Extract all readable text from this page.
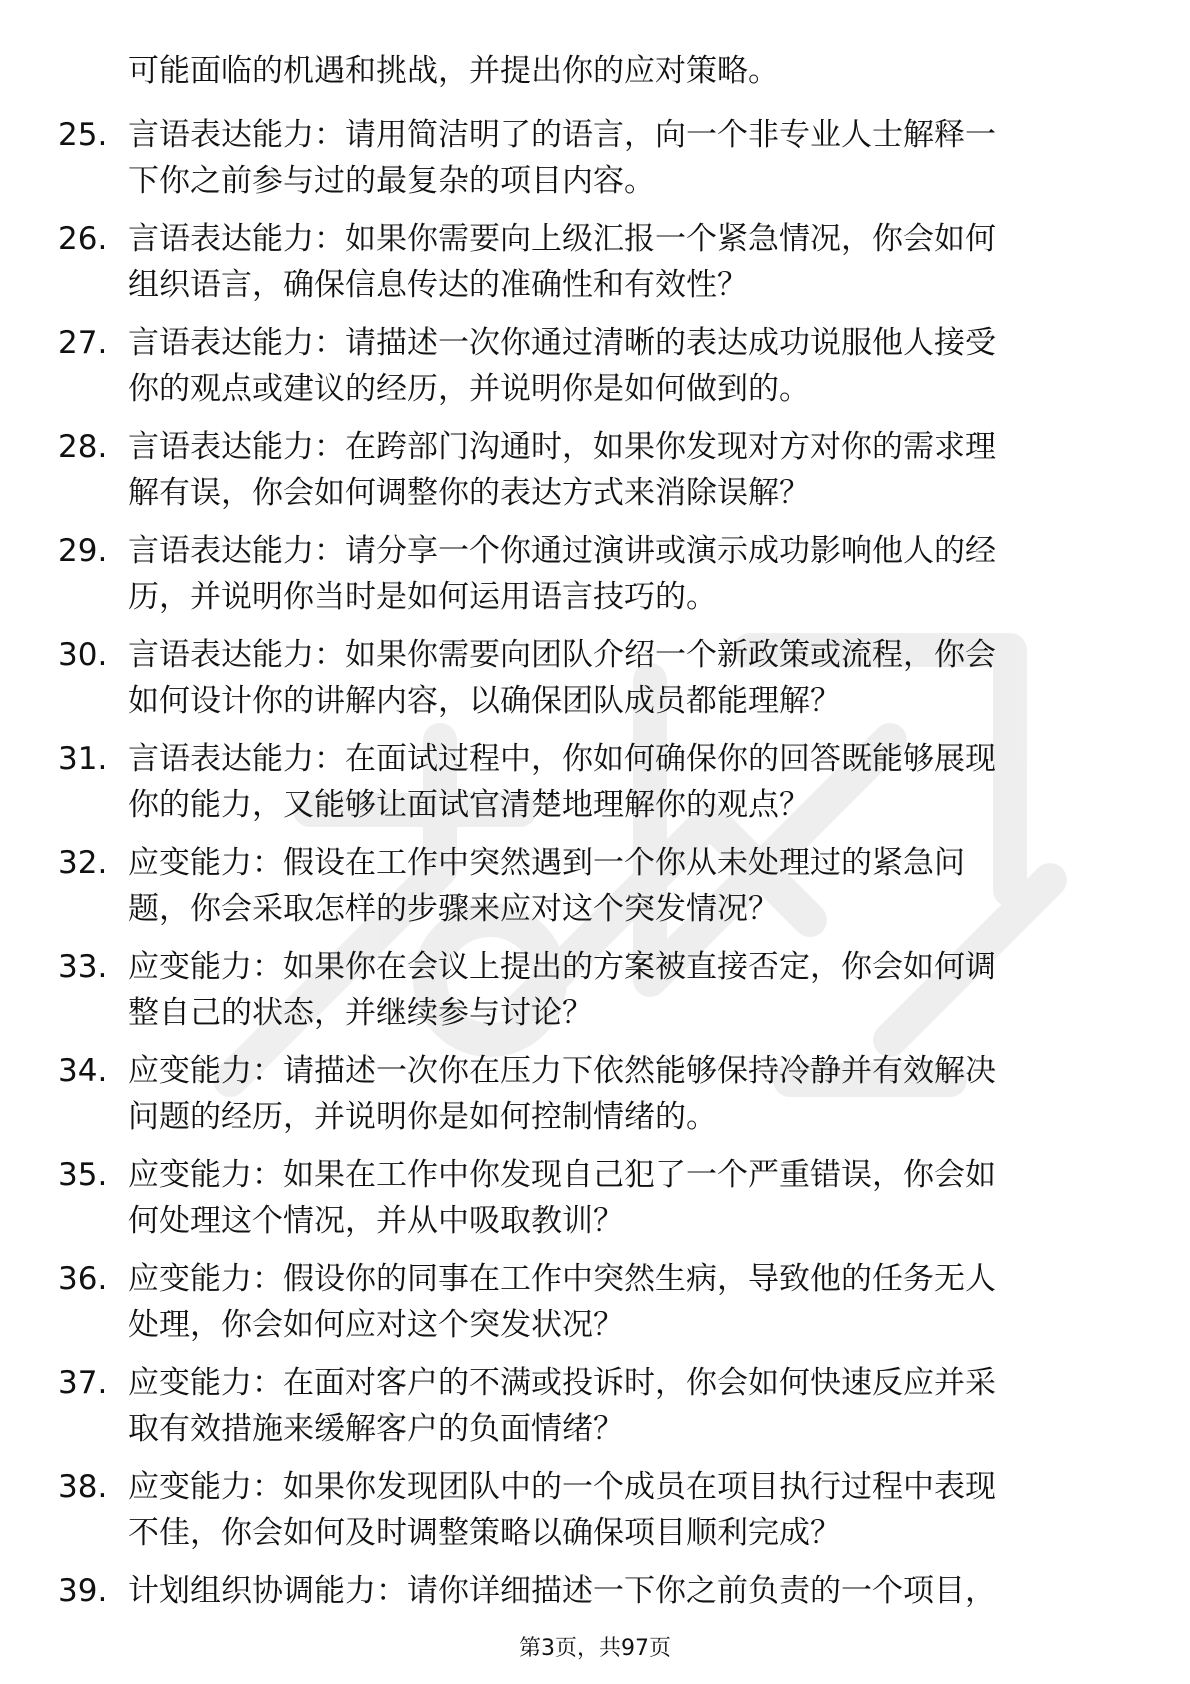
可能面临的机遇和挑战，并提出你的应对策略。
25. 言语表达能力：请用简洁明了的语言，向一个非专业人士解释一
下你之前参与过的最复杂的项目内容。
26. 言语表达能力：如果你需要向上级汇报一个紧急情况，你会如何
组织语言，确保信息传达的准确性和有效性？
27. 言语表达能力：请描述一次你通过清晰的表达成功说服他人接受
你的观点或建议的经历，并说明你是如何做到的。
28. 言语表达能力：在跨部门沟通时，如果你发现对方对你的需求理
解有误，你会如何调整你的表达方式来消除误解？
29. 言语表达能力：请分享一个你通过演讲或演示成功影响他人的经
历，并说明你当时是如何运用语言技巧的。
30. 言语表达能力：如果你需要向团队介绍一个新政策或流程，你会
如何设计你的讲解内容，以确保团队成员都能理解？
31. 言语表达能力：在面试过程中，你如何确保你的回答既能够展现
你的能力，又能够让面试官清楚地理解你的观点？
32. 应变能力：假设在工作中突然遇到一个你从未处理过的紧急问
题，你会采取怎样的步骤来应对这个突发情况？
33. 应变能力：如果你在会议上提出的方案被直接否定，你会如何调
整自己的状态，并继续参与讨论？
34. 应变能力：请描述一次你在压力下依然能够保持冷静并有效解决
问题的经历，并说明你是如何控制情绪的。
35. 应变能力：如果在工作中你发现自己犯了一个严重错误，你会如
何处理这个情况，并从中吸取教训？
36. 应变能力：假设你的同事在工作中突然生病，导致他的任务无人
处理，你会如何应对这个突发状况？
37. 应变能力：在面对客户的不满或投诉时，你会如何快速反应并采
取有效措施来缓解客户的负面情绪？
38. 应变能力：如果你发现团队中的一个成员在项目执行过程中表现
不佳，你会如何及时调整策略以确保项目顺利完成？
39. 计划组织协调能力：请你详细描述一下你之前负责的一个项目，
第3页，共97页
